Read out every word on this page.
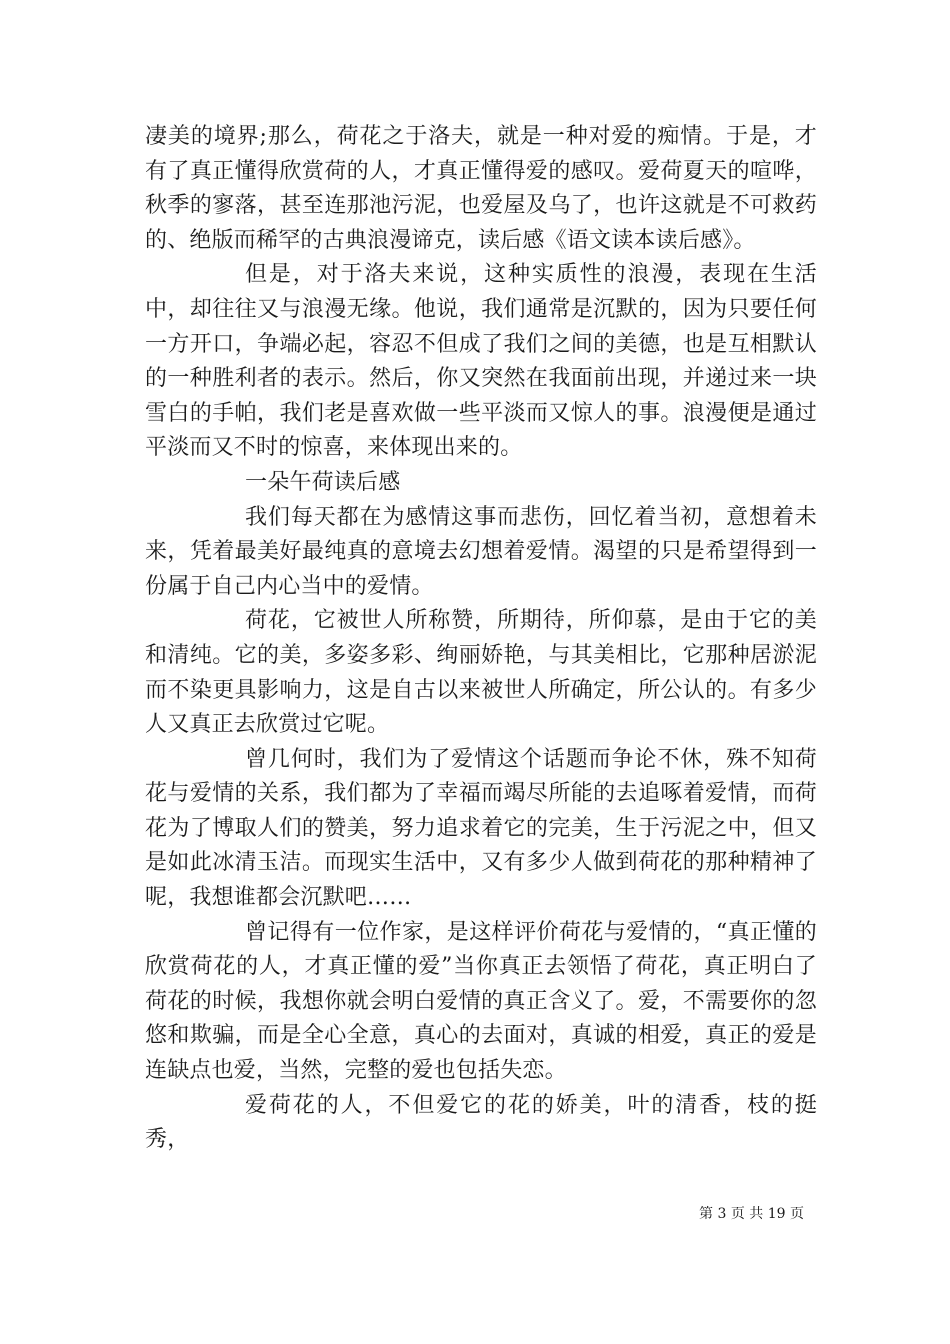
凄美的境界;那么，荷花之于洛夫，就是一种对爱的痴情。于是，才有了真正懂得欣赏荷的人，才真正懂得爱的感叹。爱荷夏天的喧哗，秋季的寥落，甚至连那池污泥，也爱屋及乌了，也许这就是不可救药的、绝版而稀罕的古典浪漫谛克，读后感《语文读本读后感》。

但是，对于洛夫来说，这种实质性的浪漫，表现在生活中，却往往又与浪漫无缘。他说，我们通常是沉默的，因为只要任何一方开口，争端必起，容忍不但成了我们之间的美德，也是互相默认的一种胜利者的表示。然后，你又突然在我面前出现，并递过来一块雪白的手帕，我们老是喜欢做一些平淡而又惊人的事。浪漫便是通过平淡而又不时的惊喜，来体现出来的。

一朵午荷读后感

我们每天都在为感情这事而悲伤，回忆着当初，意想着未来，凭着最美好最纯真的意境去幻想着爱情。渴望的只是希望得到一份属于自己内心当中的爱情。

荷花，它被世人所称赞，所期待，所仰慕，是由于它的美和清纯。它的美，多姿多彩、绚丽娇艳，与其美相比，它那种居淤泥而不染更具影响力，这是自古以来被世人所确定，所公认的。有多少人又真正去欣赏过它呢。

曾几何时，我们为了爱情这个话题而争论不休，殊不知荷花与爱情的关系，我们都为了幸福而竭尽所能的去追啄着爱情，而荷花为了博取人们的赞美，努力追求着它的完美，生于污泥之中，但又是如此冰清玉洁。而现实生活中，又有多少人做到荷花的那种精神了呢，我想谁都会沉默吧……

曾记得有一位作家，是这样评价荷花与爱情的，“真正懂的欣赏荷花的人，才真正懂的爱”当你真正去领悟了荷花，真正明白了荷花的时候，我想你就会明白爱情的真正含义了。爱，不需要你的忽悠和欺骗，而是全心全意，真心的去面对，真诚的相爱，真正的爱是连缺点也爱，当然，完整的爱也包括失恋。

爱荷花的人，不但爱它的花的娇美，叶的清香，枝的挺秀，

第 3 页 共 19 页
